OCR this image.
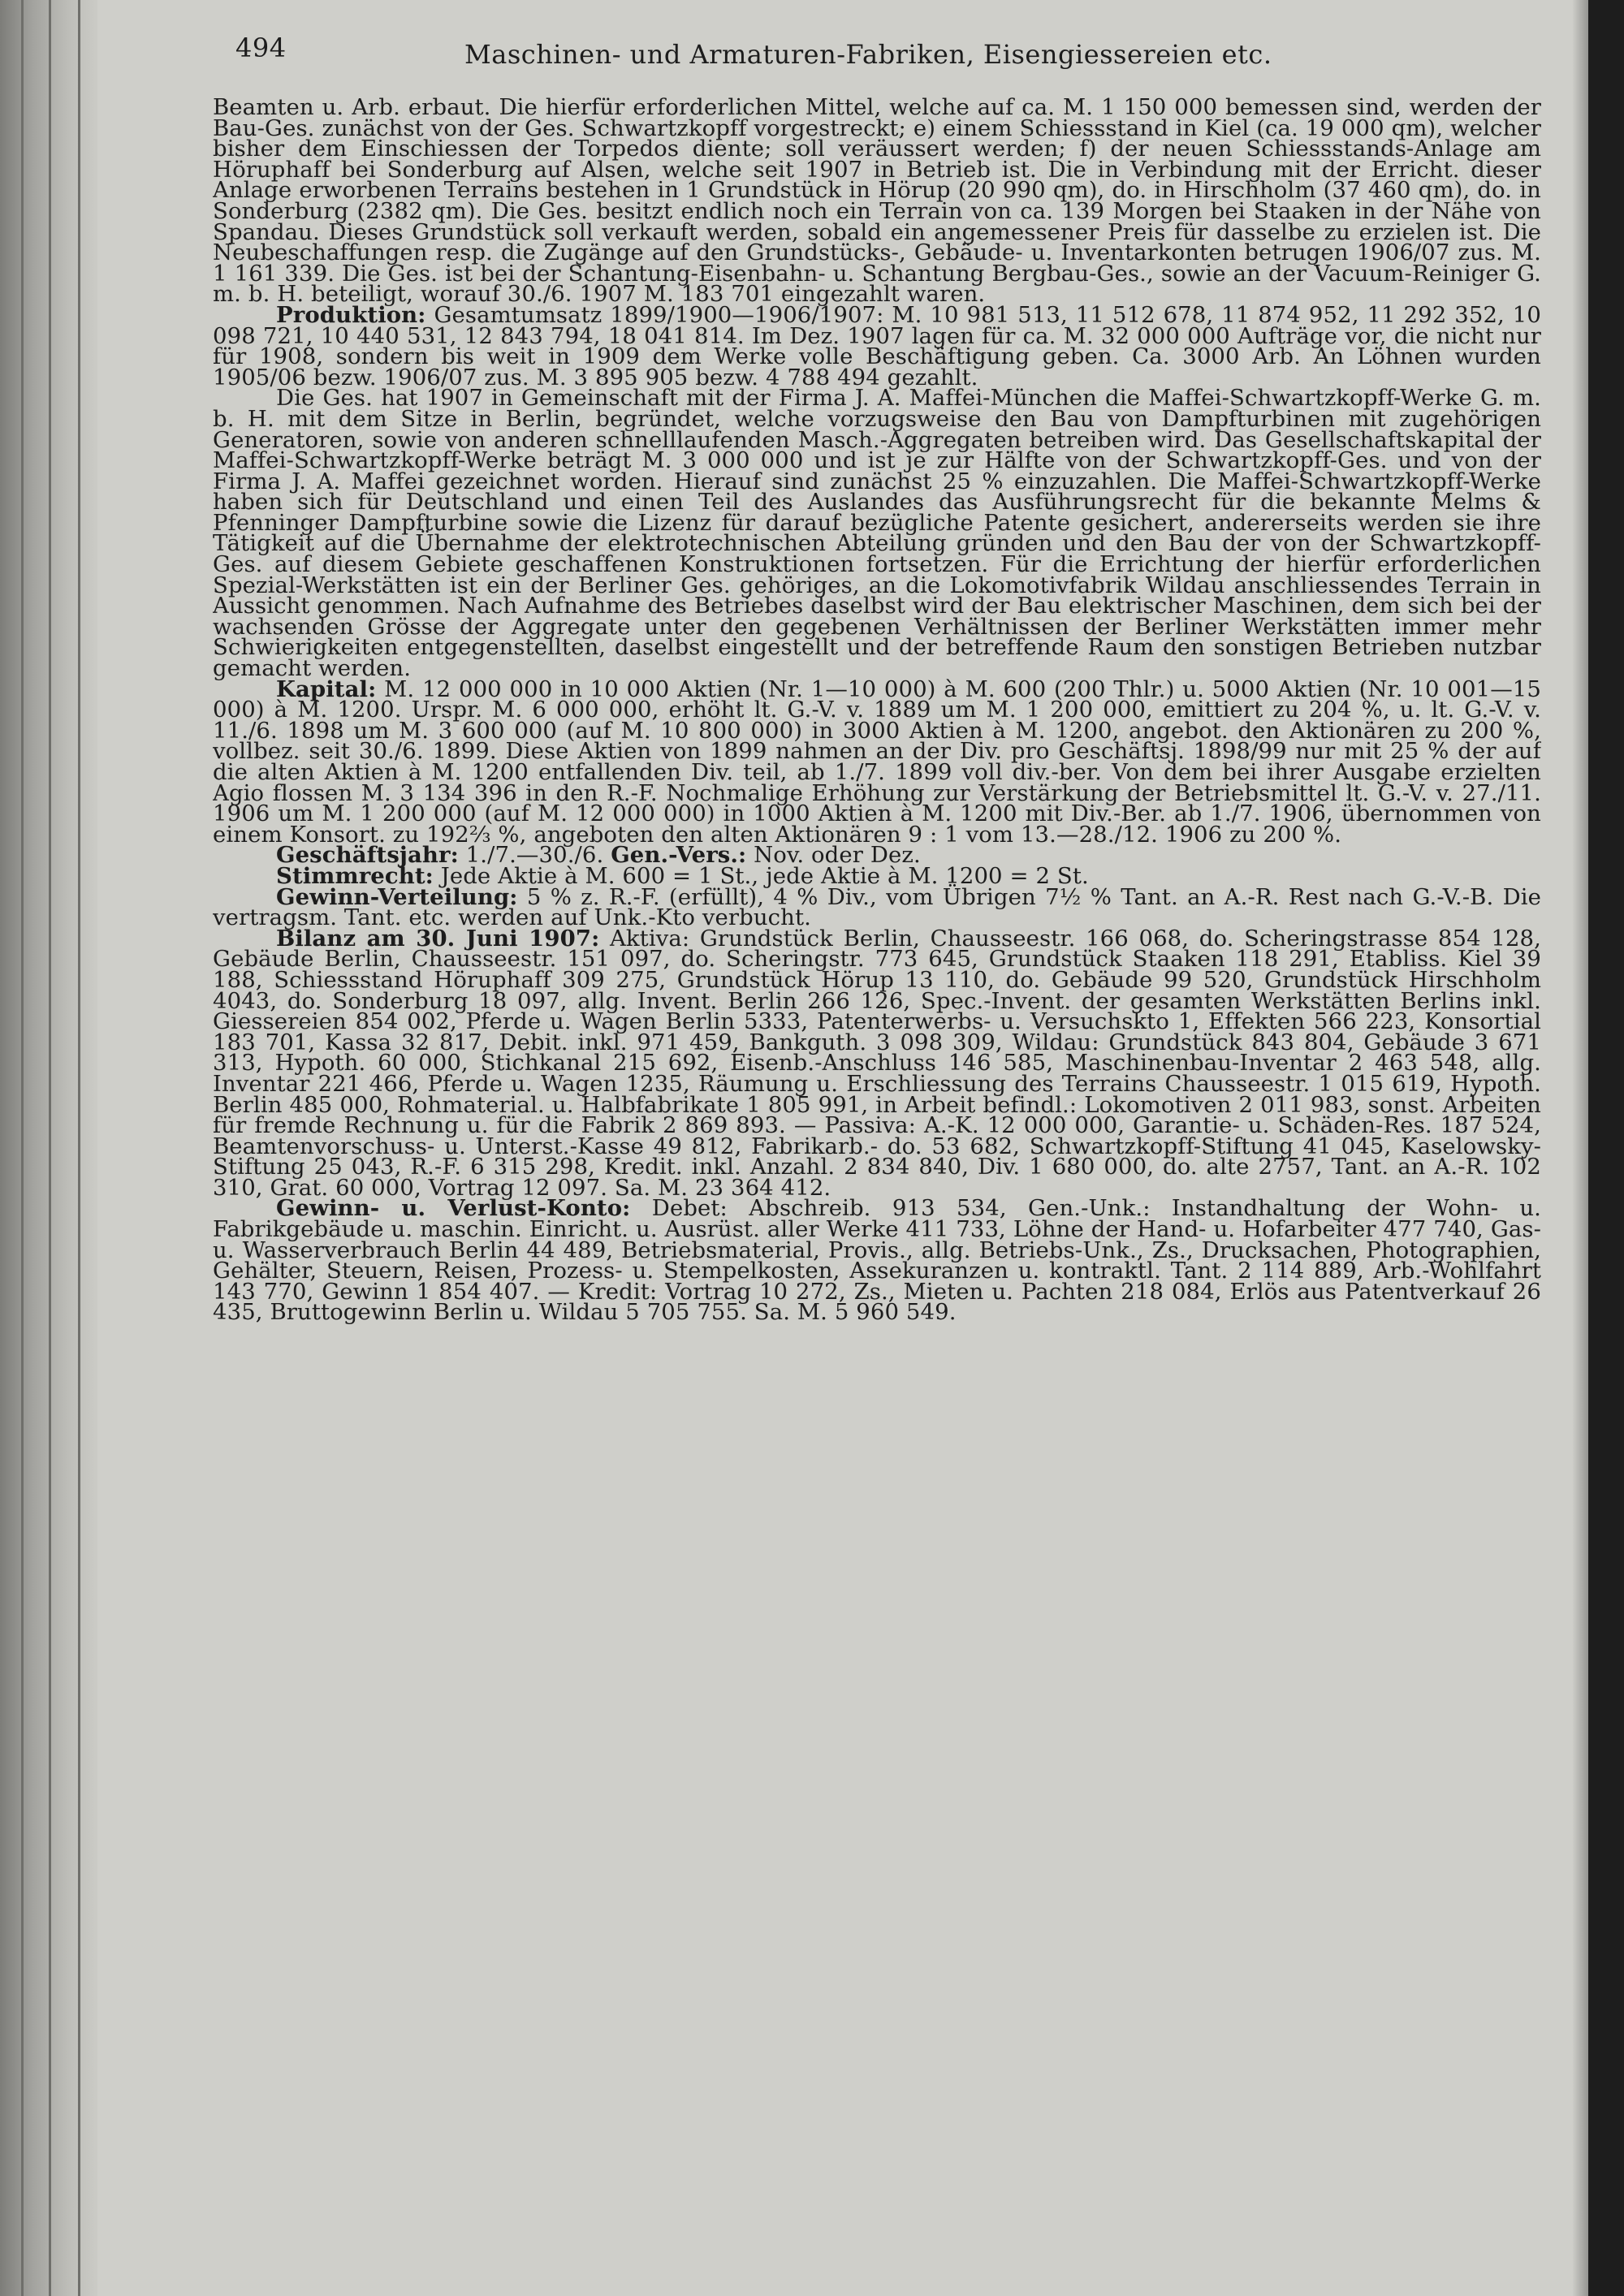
494	Maschinen- und Armaturen-Fabriken, Eisengiessereien etc.

Beamten u. Arb. erbaut. Die hierfür erforderlichen Mittel, welche auf ca. M. 1 150 000 bemessen sind, werden der Bau-Ges. zunächst von der Ges. Schwartzkopff vorgestreckt; e) einem Schiessstand in Kiel (ca. 19 000 qm), welcher bisher dem Einschiessen der Torpedos diente; soll veräussert werden; f) der neuen Schiessstands-Anlage am Höruphaff bei Sonderburg auf Alsen, welche seit 1907 in Betrieb ist. Die in Verbindung mit der Erricht. dieser Anlage erworbenen Terrains bestehen in 1 Grundstück in Hörup (20 990 qm), do. in Hirschholm (37 460 qm), do. in Sonderburg (2382 qm). Die Ges. besitzt endlich noch ein Terrain von ca. 139 Morgen bei Staaken in der Nähe von Spandau. Dieses Grundstück soll verkauft werden, sobald ein angemessener Preis für dasselbe zu erzielen ist. Die Neubeschaffungen resp. die Zugänge auf den Grundstücks-, Gebäude- u. Inventarkonten betrugen 1906/07 zus. M. 1 161 339. Die Ges. ist bei der Schantung-Eisenbahn- u. Schantung Bergbau-Ges., sowie an der Vacuum-Reiniger G. m. b. H. beteiligt, worauf 30./6. 1907 M. 183 701 eingezahlt waren.

Produktion: Gesamtumsatz 1899/1900—1906/1907: M. 10 981 513, 11 512 678, 11 874 952, 11 292 352, 10 098 721, 10 440 531, 12 843 794, 18 041 814. Im Dez. 1907 lagen für ca. M. 32 000 000 Aufträge vor, die nicht nur für 1908, sondern bis weit in 1909 dem Werke volle Beschäftigung geben. Ca. 3000 Arb. An Löhnen wurden 1905/06 bezw. 1906/07 zus. M. 3 895 905 bezw. 4 788 494 gezahlt.

Die Ges. hat 1907 in Gemeinschaft mit der Firma J. A. Maffei-München die Maffei-Schwartzkopff-Werke G. m. b. H. mit dem Sitze in Berlin, begründet, welche vorzugsweise den Bau von Dampfturbinen mit zugehörigen Generatoren, sowie von anderen schnelllaufenden Masch.-Aggregaten betreiben wird. Das Gesellschaftskapital der Maffei-Schwartzkopff-Werke beträgt M. 3 000 000 und ist je zur Hälfte von der Schwartzkopff-Ges. und von der Firma J. A. Maffei gezeichnet worden. Hierauf sind zunächst 25 % einzuzahlen. Die Maffei-Schwartzkopff-Werke haben sich für Deutschland und einen Teil des Auslandes das Ausführungsrecht für die bekannte Melms & Pfenninger Dampfturbine sowie die Lizenz für darauf bezügliche Patente gesichert, andererseits werden sie ihre Tätigkeit auf die Übernahme der elektrotechnischen Abteilung gründen und den Bau der von der Schwartzkopff-Ges. auf diesem Gebiete geschaffenen Konstruktionen fortsetzen. Für die Errichtung der hierfür erforderlichen Spezial-Werkstätten ist ein der Berliner Ges. gehöriges, an die Lokomotivfabrik Wildau anschliessendes Terrain in Aussicht genommen. Nach Aufnahme des Betriebes daselbst wird der Bau elektrischer Maschinen, dem sich bei der wachsenden Grösse der Aggregate unter den gegebenen Verhältnissen der Berliner Werkstätten immer mehr Schwierigkeiten entgegenstellten, daselbst eingestellt und der betreffende Raum den sonstigen Betrieben nutzbar gemacht werden.

Kapital: M. 12 000 000 in 10 000 Aktien (Nr. 1—10 000) à M. 600 (200 Thlr.) u. 5000 Aktien (Nr. 10 001—15 000) à M. 1200. Urspr. M. 6 000 000, erhöht lt. G.-V. v. 1889 um M. 1 200 000, emittiert zu 204 %, u. lt. G.-V. v. 11./6. 1898 um M. 3 600 000 (auf M. 10 800 000) in 3000 Aktien à M. 1200, angebot. den Aktionären zu 200 %, vollbez. seit 30./6. 1899. Diese Aktien von 1899 nahmen an der Div. pro Geschäftsj. 1898/99 nur mit 25 % der auf die alten Aktien à M. 1200 entfallenden Div. teil, ab 1./7. 1899 voll div.-ber. Von dem bei ihrer Ausgabe erzielten Agio flossen M. 3 134 396 in den R.-F. Nochmalige Erhöhung zur Verstärkung der Betriebsmittel lt. G.-V. v. 27./11. 1906 um M. 1 200 000 (auf M. 12 000 000) in 1000 Aktien à M. 1200 mit Div.-Ber. ab 1./7. 1906, übernommen von einem Konsort. zu 192⅔ %, angeboten den alten Aktionären 9 : 1 vom 13.—28./12. 1906 zu 200 %.

Geschäftsjahr: 1./7.—30./6. Gen.-Vers.: Nov. oder Dez.

Stimmrecht: Jede Aktie à M. 600 = 1 St., jede Aktie à M. 1200 = 2 St.

Gewinn-Verteilung: 5 % z. R.-F. (erfüllt), 4 % Div., vom Übrigen 7½ % Tant. an A.-R. Rest nach G.-V.-B. Die vertragsm. Tant. etc. werden auf Unk.-Kto verbucht.

Bilanz am 30. Juni 1907: Aktiva: Grundstück Berlin, Chausseestr. 166 068, do. Scheringstrasse 854 128, Gebäude Berlin, Chausseestr. 151 097, do. Scheringstr. 773 645, Grundstück Staaken 118 291, Etabliss. Kiel 39 188, Schiessstand Höruphaff 309 275, Grundstück Hörup 13 110, do. Gebäude 99 520, Grundstück Hirschholm 4043, do. Sonderburg 18 097, allg. Invent. Berlin 266 126, Spec.-Invent. der gesamten Werkstätten Berlins inkl. Giessereien 854 002, Pferde u. Wagen Berlin 5333, Patenterwerbs- u. Versuchskto 1, Effekten 566 223, Konsortial 183 701, Kassa 32 817, Debit. inkl. 971 459, Bankguth. 3 098 309, Wildau: Grundstück 843 804, Gebäude 3 671 313, Hypoth. 60 000, Stichkanal 215 692, Eisenb.-Anschluss 146 585, Maschinenbau-Inventar 2 463 548, allg. Inventar 221 466, Pferde u. Wagen 1235, Räumung u. Erschliessung des Terrains Chausseestr. 1 015 619, Hypoth. Berlin 485 000, Rohmaterial. u. Halbfabrikate 1 805 991, in Arbeit befindl.: Lokomotiven 2 011 983, sonst. Arbeiten für fremde Rechnung u. für die Fabrik 2 869 893. — Passiva: A.-K. 12 000 000, Garantie- u. Schäden-Res. 187 524, Beamtenvorschuss- u. Unterst.-Kasse 49 812, Fabrikarb.- do. 53 682, Schwartzkopff-Stiftung 41 045, Kaselowsky-Stiftung 25 043, R.-F. 6 315 298, Kredit. inkl. Anzahl. 2 834 840, Div. 1 680 000, do. alte 2757, Tant. an A.-R. 102 310, Grat. 60 000, Vortrag 12 097. Sa. M. 23 364 412.

Gewinn- u. Verlust-Konto: Debet: Abschreib. 913 534, Gen.-Unk.: Instandhaltung der Wohn- u. Fabrikgebäude u. maschin. Einricht. u. Ausrüst. aller Werke 411 733, Löhne der Hand- u. Hofarbeiter 477 740, Gas- u. Wasserverbrauch Berlin 44 489, Betriebsmaterial, Provis., allg. Betriebs-Unk., Zs., Drucksachen, Photographien, Gehälter, Steuern, Reisen, Prozess- u. Stempelkosten, Assekuranzen u. kontraktl. Tant. 2 114 889, Arb.-Wohlfahrt 143 770, Gewinn 1 854 407. — Kredit: Vortrag 10 272, Zs., Mieten u. Pachten 218 084, Erlös aus Patentverkauf 26 435, Bruttogewinn Berlin u. Wildau 5 705 755. Sa. M. 5 960 549.
